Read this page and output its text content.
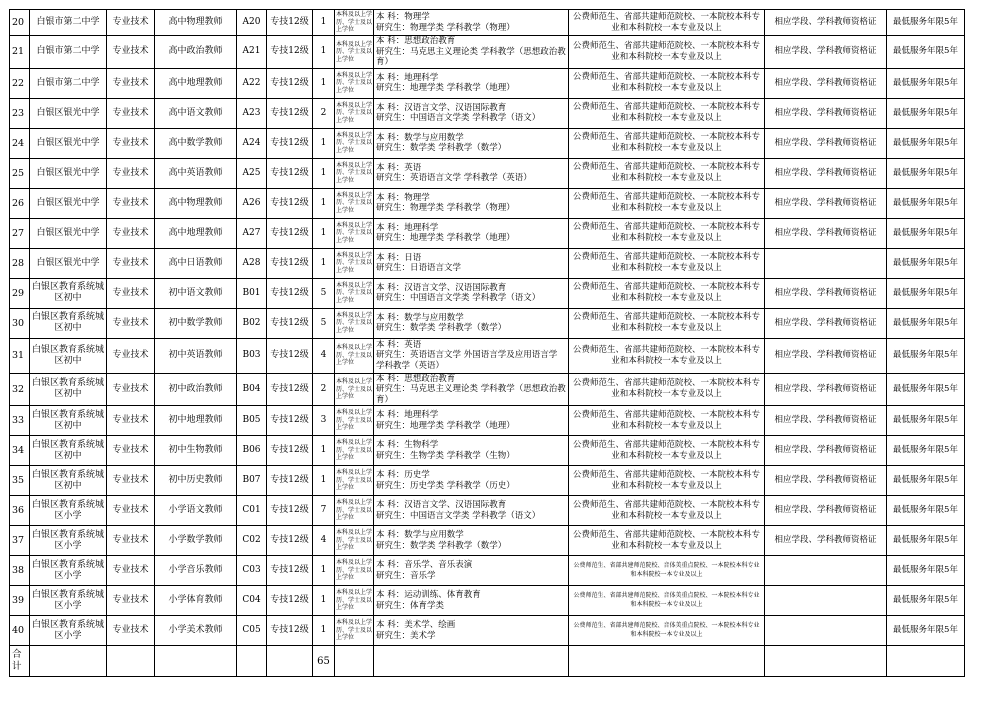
20	白银市第二中学	专业技术	高中物理教师	A20	专技12级	1	本科及以上学历、学士及以上学位	本 科：物理学
研究生：物理学类 学科教学（物理）	公费师范生、省部共建师范院校、一本院校本科专业和本科院校一本专业及以上	相应学段、学科教师资格证	最低服务年限5年
21	白银市第二中学	专业技术	高中政治教师	A21	专技12级	1	本科及以上学历、学士及以上学位	本 科：思想政治教育
研究生：马克思主义理论类 学科教学（思想政治教育）	公费师范生、省部共建师范院校、一本院校本科专业和本科院校一本专业及以上	相应学段、学科教师资格证	最低服务年限5年
22	白银市第二中学	专业技术	高中地理教师	A22	专技12级	1	本科及以上学历、学士及以上学位	本 科：地理科学
研究生：地理学类 学科教学（地理）	公费师范生、省部共建师范院校、一本院校本科专业和本科院校一本专业及以上	相应学段、学科教师资格证	最低服务年限5年
23	白银区银光中学	专业技术	高中语文教师	A23	专技12级	2	本科及以上学历、学士及以上学位	本 科：汉语言文学、汉语国际教育
研究生：中国语言文学类 学科教学（语文）	公费师范生、省部共建师范院校、一本院校本科专业和本科院校一本专业及以上	相应学段、学科教师资格证	最低服务年限5年
24	白银区银光中学	专业技术	高中数学教师	A24	专技12级	1	本科及以上学历、学士及以上学位	本 科：数学与应用数学
研究生：数学类 学科教学（数学）	公费师范生、省部共建师范院校、一本院校本科专业和本科院校一本专业及以上	相应学段、学科教师资格证	最低服务年限5年
25	白银区银光中学	专业技术	高中英语教师	A25	专技12级	1	本科及以上学历、学士及以上学位	本 科：英语
研究生：英语语言文学 学科教学（英语）	公费师范生、省部共建师范院校、一本院校本科专业和本科院校一本专业及以上	相应学段、学科教师资格证	最低服务年限5年
26	白银区银光中学	专业技术	高中物理教师	A26	专技12级	1	本科及以上学历、学士及以上学位	本 科：物理学
研究生：物理学类 学科教学（物理）	公费师范生、省部共建师范院校、一本院校本科专业和本科院校一本专业及以上	相应学段、学科教师资格证	最低服务年限5年
27	白银区银光中学	专业技术	高中地理教师	A27	专技12级	1	本科及以上学历、学士及以上学位	本 科：地理科学
研究生：地理学类 学科教学（地理）	公费师范生、省部共建师范院校、一本院校本科专业和本科院校一本专业及以上	相应学段、学科教师资格证	最低服务年限5年
28	白银区银光中学	专业技术	高中日语教师	A28	专技12级	1	本科及以上学历、学士及以上学位	本 科：日语
研究生：日语语言文学	公费师范生、省部共建师范院校、一本院校本科专业和本科院校一本专业及以上		最低服务年限5年
29	白银区教育系统城区初中	专业技术	初中语文教师	B01	专技12级	5	本科及以上学历、学士及以上学位	本 科：汉语言文学、汉语国际教育
研究生：中国语言文学类 学科教学（语文）	公费师范生、省部共建师范院校、一本院校本科专业和本科院校一本专业及以上	相应学段、学科教师资格证	最低服务年限5年
30	白银区教育系统城区初中	专业技术	初中数学教师	B02	专技12级	5	本科及以上学历、学士及以上学位	本 科：数学与应用数学
研究生：数学类 学科教学（数学）	公费师范生、省部共建师范院校、一本院校本科专业和本科院校一本专业及以上	相应学段、学科教师资格证	最低服务年限5年
31	白银区教育系统城区初中	专业技术	初中英语教师	B03	专技12级	4	本科及以上学历、学士及以上学位	本 科：英语
研究生：英语语言文学 外国语言学及应用语言学 学科教学（英语）	公费师范生、省部共建师范院校、一本院校本科专业和本科院校一本专业及以上	相应学段、学科教师资格证	最低服务年限5年
32	白银区教育系统城区初中	专业技术	初中政治教师	B04	专技12级	2	本科及以上学历、学士及以上学位	本 科：思想政治教育
研究生：马克思主义理论类 学科教学（思想政治教育）	公费师范生、省部共建师范院校、一本院校本科专业和本科院校一本专业及以上	相应学段、学科教师资格证	最低服务年限5年
33	白银区教育系统城区初中	专业技术	初中地理教师	B05	专技12级	3	本科及以上学历、学士及以上学位	本 科：地理科学
研究生：地理学类 学科教学（地理）	公费师范生、省部共建师范院校、一本院校本科专业和本科院校一本专业及以上	相应学段、学科教师资格证	最低服务年限5年
34	白银区教育系统城区初中	专业技术	初中生物教师	B06	专技12级	1	本科及以上学历、学士及以上学位	本 科：生物科学
研究生：生物学类 学科教学（生物）	公费师范生、省部共建师范院校、一本院校本科专业和本科院校一本专业及以上	相应学段、学科教师资格证	最低服务年限5年
35	白银区教育系统城区初中	专业技术	初中历史教师	B07	专技12级	1	本科及以上学历、学士及以上学位	本 科：历史学
研究生：历史学类 学科教学（历史）	公费师范生、省部共建师范院校、一本院校本科专业和本科院校一本专业及以上	相应学段、学科教师资格证	最低服务年限5年
36	白银区教育系统城区小学	专业技术	小学语文教师	C01	专技12级	7	本科及以上学历、学士及以上学位	本 科：汉语言文学、汉语国际教育
研究生：中国语言文学类 学科教学（语文）	公费师范生、省部共建师范院校、一本院校本科专业和本科院校一本专业及以上	相应学段、学科教师资格证	最低服务年限5年
37	白银区教育系统城区小学	专业技术	小学数学教师	C02	专技12级	4	本科及以上学历、学士及以上学位	本 科：数学与应用数学
研究生：数学类 学科教学（数学）	公费师范生、省部共建师范院校、一本院校本科专业和本科院校一本专业及以上	相应学段、学科教师资格证	最低服务年限5年
38	白银区教育系统城区小学	专业技术	小学音乐教师	C03	专技12级	1	本科及以上学历、学士及以上学位	本 科：音乐学、音乐表演
研究生：音乐学	公费师范生、省部共建师范院校、音体美重点院校、一本院校本科专业和本科院校一本专业及以上		最低服务年限5年
39	白银区教育系统城区小学	专业技术	小学体育教师	C04	专技12级	1	本科及以上学历、学士及以上学位	本 科：运动训练、体育教育
研究生：体育学类	公费师范生、省部共建师范院校、音体美重点院校、一本院校本科专业和本科院校一本专业及以上		最低服务年限5年
40	白银区教育系统城区小学	专业技术	小学美术教师	C05	专技12级	1	本科及以上学历、学士及以上学位	本 科：美术学、绘画
研究生：美术学	公费师范生、省部共建师范院校、音体美重点院校、一本院校本科专业和本科院校一本专业及以上		最低服务年限5年
合计						65					
